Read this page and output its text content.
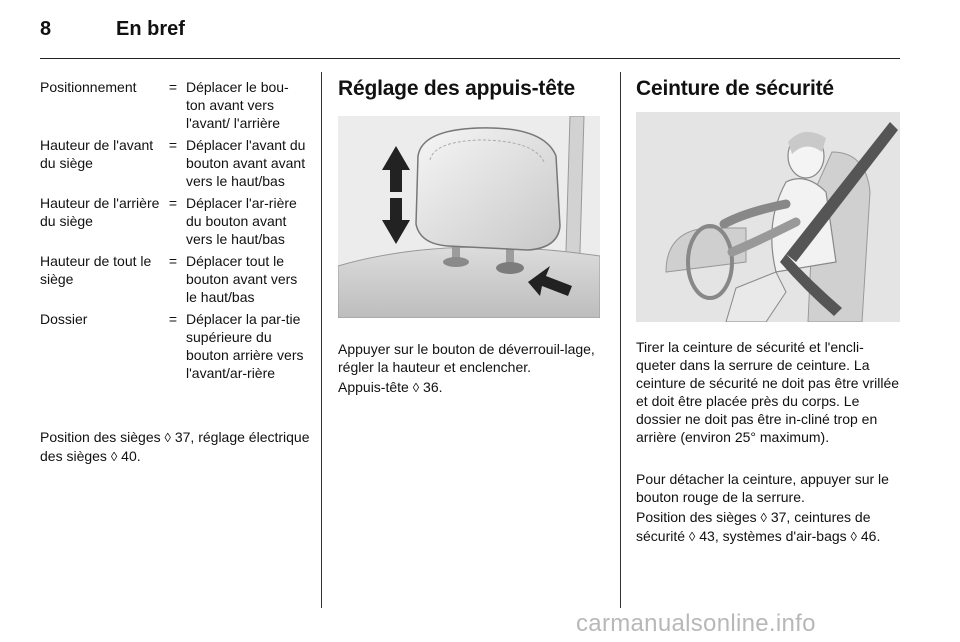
8	En bref
Positionnement	= Déplacer le bou-ton avant vers l'avant/ l'arrière
Hauteur de l'avant du siège
= Déplacer l'avant du bouton avant avant vers le haut/bas
Hauteur de l'arrière du siège
= Déplacer l'ar-rière du bouton avant vers le haut/bas
Hauteur de tout le siège
= Déplacer tout le bouton avant vers le haut/bas
Dossier	= Déplacer la par-tie supérieure du bouton arrière vers l'avant/ar-rière

Position des sièges ◊ 37, réglage électrique des sièges ◊ 40.

Réglage des appuis-tête

Appuyer sur le bouton de déverrouil-lage, régler la hauteur et enclencher.

Appuis-tête ◊ 36.

Ceinture de sécurité

Tirer la ceinture de sécurité et l'encli-queter dans la serrure de ceinture. La ceinture de sécurité ne doit pas être vrillée et doit être placée près du corps. Le dossier ne doit pas être in-cliné trop en arrière (environ 25° maximum).

Pour détacher la ceinture, appuyer sur le bouton rouge de la serrure.

Position des sièges ◊ 37, ceintures de sécurité ◊ 43, systèmes d'air-bags ◊ 46.

carmanualsonline.info
